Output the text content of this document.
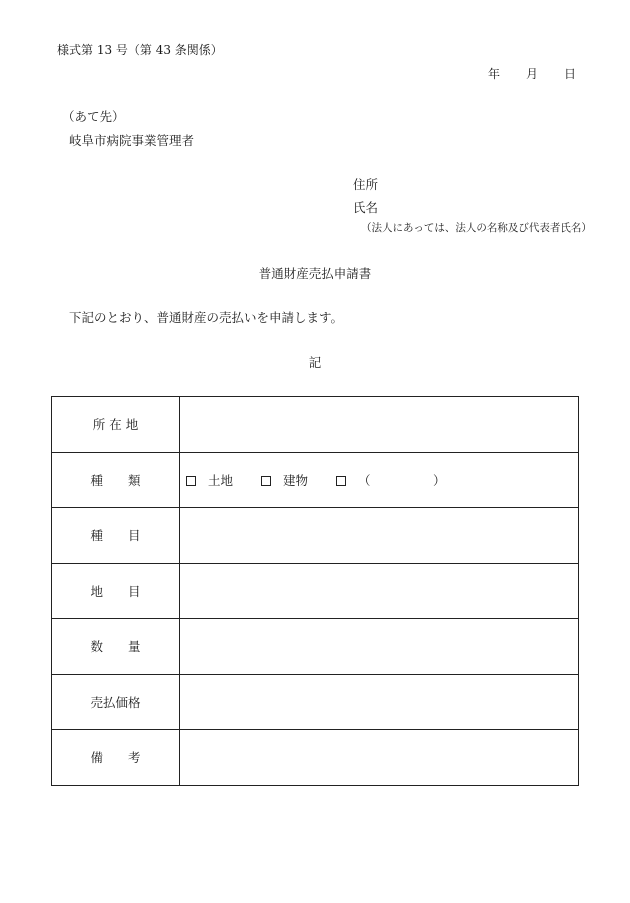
様式第 13 号（第 43 条関係）
年 月 日
（あて先）
岐阜市病院事業管理者
住所
氏名
（法人にあっては、法人の名称及び代表者氏名）
普通財産売払申請書
下記のとおり、普通財産の売払いを申請します。
記
所 在 地	
種　　類	土地 建物 （　　　　　）
種　　目	
地　　目	
数　　量	
売払価格	
備　　考	
